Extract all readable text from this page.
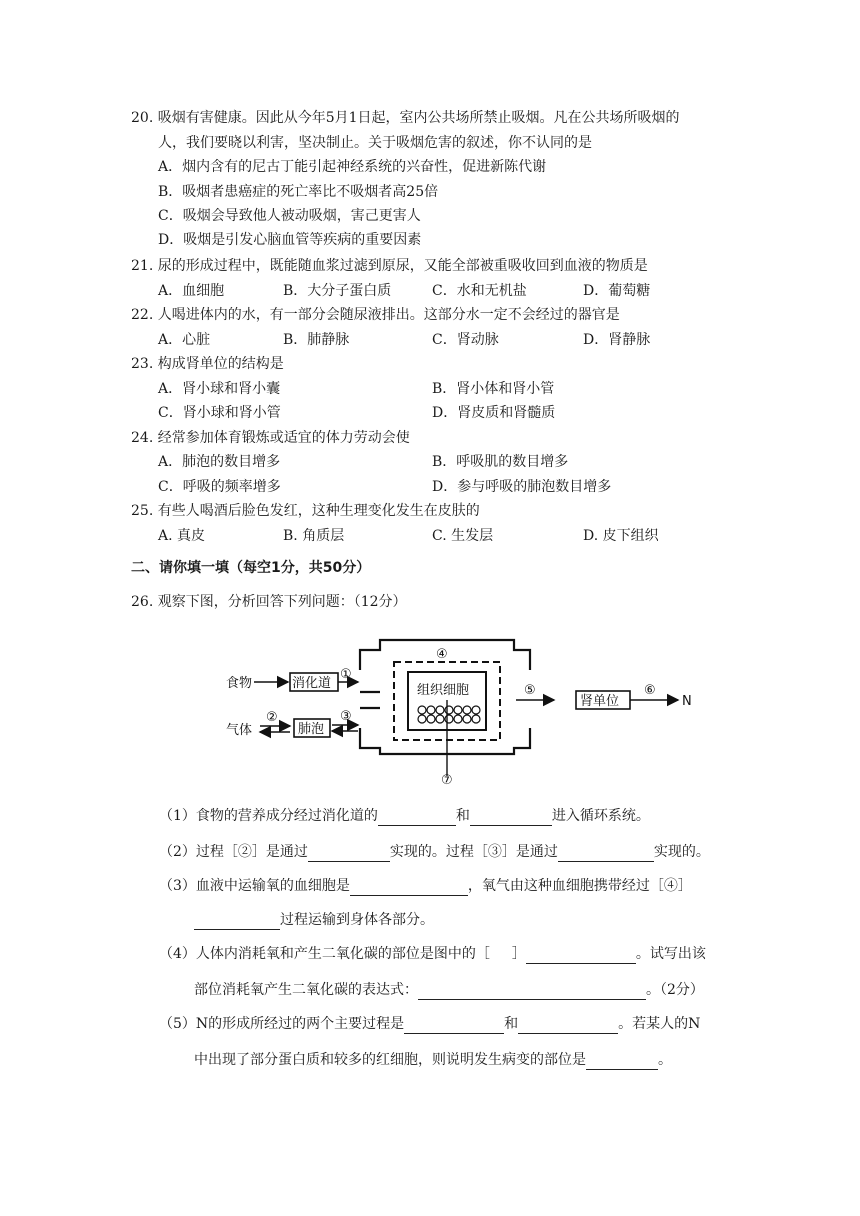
20. 吸烟有害健康。因此从今年5月1日起，室内公共场所禁止吸烟。凡在公共场所吸烟的
人，我们要晓以利害，坚决制止。关于吸烟危害的叙述，你不认同的是
A．烟内含有的尼古丁能引起神经系统的兴奋性，促进新陈代谢
B．吸烟者患癌症的死亡率比不吸烟者高25倍
C．吸烟会导致他人被动吸烟，害己更害人
D．吸烟是引发心脑血管等疾病的重要因素
21. 尿的形成过程中，既能随血浆过滤到原尿，又能全部被重吸收回到血液的物质是
A．血细胞	B．大分子蛋白质	C．水和无机盐	D．葡萄糖
22. 人喝进体内的水，有一部分会随尿液排出。这部分水一定不会经过的器官是
A．心脏	B．肺静脉	C．肾动脉	D．肾静脉
23. 构成肾单位的结构是
A．肾小球和肾小囊	B．肾小体和肾小管
C．肾小球和肾小管	D．肾皮质和肾髓质
24. 经常参加体育锻炼或适宜的体力劳动会使
A．肺泡的数目增多	B．呼吸肌的数目增多
C．呼吸的频率增多	D．参与呼吸的肺泡数目增多
25. 有些人喝酒后脸色发红，这种生理变化发生在皮肤的
A. 真皮	B. 角质层	C. 生发层	D. 皮下组织
二、请你填一填（每空1分，共50分）
26. 观察下图，分析回答下列问题：（12分）
食物	消化道
气体	肺泡
组织细胞
肾单位	N
①
②	③
④
⑤	⑥
⑦
（1）食物的营养成分经过消化道的	和	进入循环系统。
（2）过程［②］是通过	实现的。过程［③］是通过	实现的。
（3）血液中运输氧的血细胞是	，氧气由这种血细胞携带经过［④］
过程运输到身体各部分。
（4）人体内消耗氧和产生二氧化碳的部位是图中的［ ］	。试写出该
部位消耗氧产生二氧化碳的表达式：	。（2分）
（5）N的形成所经过的两个主要过程是	和	。若某人的N
中出现了部分蛋白质和较多的红细胞，则说明发生病变的部位是	。
